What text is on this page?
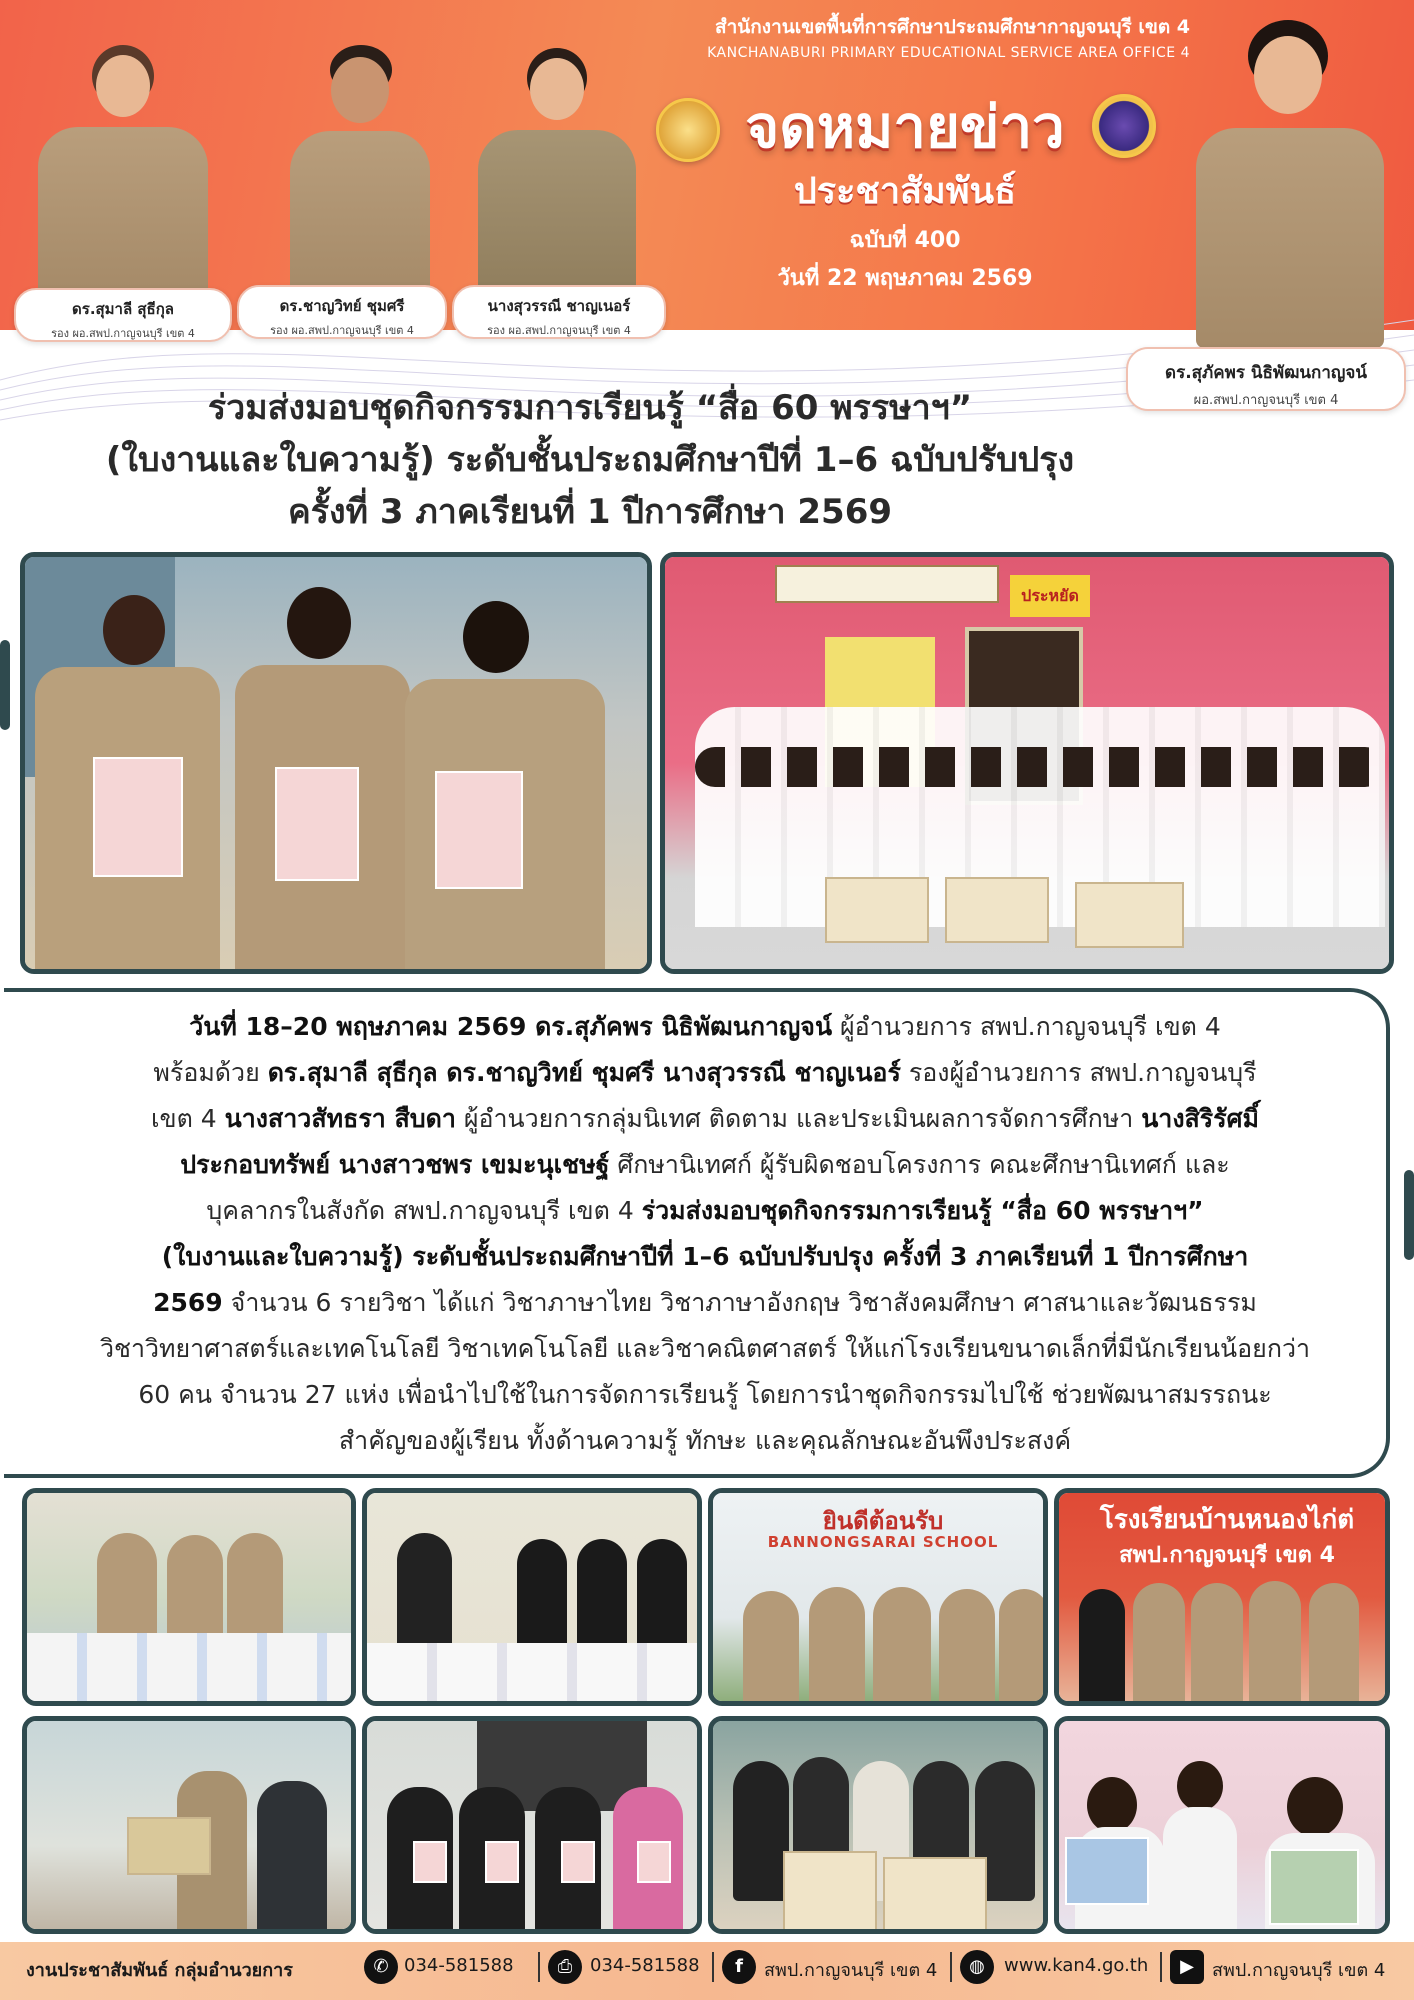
สำนักงานเขตพื้นที่การศึกษาประถมศึกษากาญจนบุรี เขต 4
KANCHANABURI PRIMARY EDUCATIONAL SERVICE AREA OFFICE 4
จดหมายข่าว
ประชาสัมพันธ์
ฉบับที่ 400
วันที่ 22 พฤษภาคม 2569
ดร.สุมาลี สุธีกุล
รอง ผอ.สพป.กาญจนบุรี เขต 4
ดร.ชาญวิทย์ ชุมศรี
รอง ผอ.สพป.กาญจนบุรี เขต 4
นางสุวรรณี ชาญเนอร์
รอง ผอ.สพป.กาญจนบุรี เขต 4
ดร.สุภัคพร นิธิพัฒนกาญจน์
ผอ.สพป.กาญจนบุรี เขต 4
ร่วมส่งมอบชุดกิจกรรมการเรียนรู้ “สื่อ 60 พรรษาฯ”
(ใบงานและใบความรู้) ระดับชั้นประถมศึกษาปีที่ 1–6 ฉบับปรับปรุง
ครั้งที่ 3 ภาคเรียนที่ 1 ปีการศึกษา 2569
ประหยัด
วันที่ 18–20 พฤษภาคม 2569 ดร.สุภัคพร นิธิพัฒนกาญจน์ ผู้อำนวยการ สพป.กาญจนบุรี เขต 4
พร้อมด้วย ดร.สุมาลี สุธีกุล ดร.ชาญวิทย์ ชุมศรี นางสุวรรณี ชาญเนอร์ รองผู้อำนวยการ สพป.กาญจนบุรี
เขต 4 นางสาวสัทธรา สืบดา ผู้อำนวยการกลุ่มนิเทศ ติดตาม และประเมินผลการจัดการศึกษา นางสิริรัศมิ์
ประกอบทรัพย์ นางสาวชพร เขมะนุเชษฐ์ ศึกษานิเทศก์ ผู้รับผิดชอบโครงการ คณะศึกษานิเทศก์ และ
บุคลากรในสังกัด สพป.กาญจนบุรี เขต 4 ร่วมส่งมอบชุดกิจกรรมการเรียนรู้ “สื่อ 60 พรรษาฯ”
(ใบงานและใบความรู้) ระดับชั้นประถมศึกษาปีที่ 1–6 ฉบับปรับปรุง ครั้งที่ 3 ภาคเรียนที่ 1 ปีการศึกษา
2569 จำนวน 6 รายวิชา ได้แก่ วิชาภาษาไทย วิชาภาษาอังกฤษ วิชาสังคมศึกษา ศาสนาและวัฒนธรรม
วิชาวิทยาศาสตร์และเทคโนโลยี วิชาเทคโนโลยี และวิชาคณิตศาสตร์ ให้แก่โรงเรียนขนาดเล็กที่มีนักเรียนน้อยกว่า
60 คน จำนวน 27 แห่ง เพื่อนำไปใช้ในการจัดการเรียนรู้ โดยการนำชุดกิจกรรมไปใช้ ช่วยพัฒนาสมรรถนะ
สำคัญของผู้เรียน ทั้งด้านความรู้ ทักษะ และคุณลักษณะอันพึงประสงค์
ยินดีต้อนรับ
BANNONGSARAI SCHOOL
โรงเรียนบ้านหนองไก่ต่
สพป.กาญจนบุรี เขต 4
งานประชาสัมพันธ์ กลุ่มอำนวยการ	✆ 034-581588	⎙ 034-581588	f	สพป.กาญจนบุรี เขต 4	◍	www.kan4.go.th	▶	สพป.กาญจนบุรี เขต 4
